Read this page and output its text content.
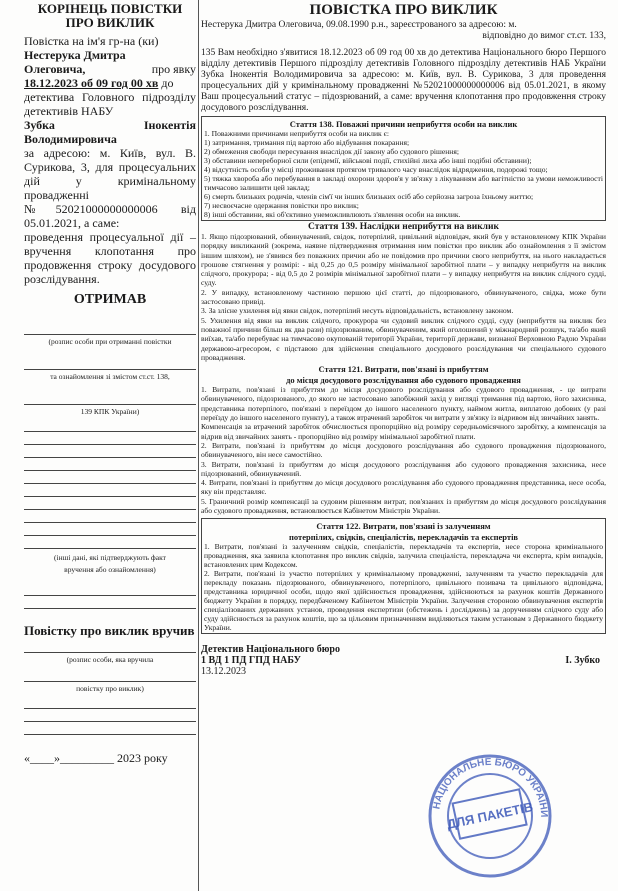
КОРІНЕЦЬ ПОВІСТКИ ПРО ВИКЛИК
Повістка на ім'я гр-на (ки)
Нестерука Дмитра
Олеговича,	про явку
18.12.2023 об 09 год 00 хв до
детектива Головного підрозділу детективів НАБУ
Зубка Інокентія Володимировича
за адресою: м. Київ, вул. В. Сурикова, 3, для процесуальних дій у кримінальному провадженні №52021000000000006 від 05.01.2021, а саме:
проведення процесуальної дії – вручення клопотання про продовження строку досудового розслідування.
ОТРИМАВ
(розпис особи при отриманні повістки
та ознайомлення зі змістом ст.ст. 138,
139 КПК України)
(інші дані, які підтверджують факт
вручення або ознайомлення)
Повістку про виклик вручив
(розпис особи, яка вручила
повістку про виклик)
«____»_________ 2023 року
ПОВІСТКА ПРО ВИКЛИК
Нестерука Дмитра Олеговича, 09.08.1990 р.н., зареєстрованого за адресою: м.
відповідно до вимог ст.ст. 133,
135 Вам необхідно з'явитися 18.12.2023 об 09 год 00 хв до детектива Національного бюро Першого відділу детективів Першого підрозділу детективів Головного підрозділу детективів НАБ України Зубка Інокентія Володимировича за адресою: м. Київ, вул. В. Сурикова, 3 для проведення процесуальних дій у кримінальному провадженні №52021000000000006 від 05.01.2021, в якому Ваш процесуальний статус – підозрюваний, а саме: вручення клопотання про продовження строку досудового розслідування.
Стаття 138. Поважні причини неприбуття особи на виклик
1. Поважними причинами неприбуття особи на виклик є:
1) затримання, тримання під вартою або відбування покарання;
2) обмеження свободи пересування внаслідок дії закону або судового рішення;
3) обставини непереборної сили (епідемії, військові події, стихійні лиха або інші подібні обставини);
4) відсутність особи у місці проживання протягом тривалого часу внаслідок відрядження, подорожі тощо;
5) тяжка хвороба або перебування в закладі охорони здоров'я у зв'язку з лікуванням або вагітністю за умови неможливості тимчасово залишити цей заклад;
6) смерть близьких родичів, членів сім'ї чи інших близьких осіб або серйозна загроза їхньому життю;
7) несвоєчасне одержання повістки про виклик;
8) інші обставини, які об'єктивно унеможливлюють з'явлення особи на виклик.
Стаття 139. Наслідки неприбуття на виклик
1. Якщо підозрюваний, обвинувачений, свідок, потерпілий, цивільний відповідач, який був у встановленому КПК України порядку викликаний (зокрема, наявне підтвердження отримання ним повістки про виклик або ознайомлення з її змістом іншим шляхом), не з'явився без поважних причин або не повідомив про причини свого неприбуття, на нього накладається грошове стягнення у розмірі: - від 0,25 до 0,5 розміру мінімальної заробітної плати – у випадку неприбуття на виклик слідчого, прокурора; - від 0,5 до 2 розмірів мінімальної заробітної плати – у випадку неприбуття на виклик слідчого судді, суду.
2. У випадку, встановленому частиною першою цієї статті, до підозрюваного, обвинуваченого, свідка, може бути застосовано привід.
3. За злісне ухилення від явки свідок, потерпілий несуть відповідальність, встановлену законом.
5. Ухилення від явки на виклик слідчого, прокурора чи судовий виклик слідчого судді, суду (неприбуття на виклик без поважної причини більш як два рази) підозрюваним, обвинуваченим, який оголошений у міжнародний розшук, та/або який виїхав, та/або перебуває на тимчасово окупованій території України, території держави, визнаної Верховною Радою України державою-агресором, є підставою для здійснення спеціального досудового розслідування чи спеціального судового провадження.
Стаття 121. Витрати, пов'язані із прибуттям
до місця досудового розслідування або судового провадження
1. Витрати, пов'язані із прибуттям до місця досудового розслідування або судового провадження, - це витрати обвинуваченого, підозрюваного, до якого не застосовано запобіжний захід у вигляді тримання під вартою, його захисника, представника потерпілого, пов'язані з переїздом до іншого населеного пункту, наймом житла, виплатою добових (у разі переїзду до іншого населеного пункту), а також втрачений заробіток чи витрати у зв'язку із відривом від звичайних занять.
Компенсація за втрачений заробіток обчислюється пропорційно від розміру середньомісячного заробітку, а компенсація за відрив від звичайних занять - пропорційно від розміру мінімальної заробітної плати.
2. Витрати, пов'язані із прибуттям до місця досудового розслідування або судового провадження підозрюваного, обвинуваченого, він несе самостійно.
3. Витрати, пов'язані із прибуттям до місця досудового розслідування або судового провадження захисника, несе підозрюваний, обвинувачений.
4. Витрати, пов'язані із прибуттям до місця досудового розслідування або судового провадження представника, несе особа, яку він представляє.
5. Граничний розмір компенсації за судовим рішенням витрат, пов'язаних із прибуттям до місця досудового розслідування або судового провадження, встановлюється Кабінетом Міністрів України.
Стаття 122. Витрати, пов'язані із залученням
потерпілих, свідків, спеціалістів, перекладачів та експертів
1. Витрати, пов'язані із залученням свідків, спеціалістів, перекладачів та експертів, несе сторона кримінального провадження, яка заявила клопотання про виклик свідків, залучила спеціаліста, перекладача чи експерта, крім випадків, встановлених цим Кодексом.
2. Витрати, пов'язані із участю потерпілих у кримінальному провадженні, залученням та участю перекладачів для перекладу показань підозрюваного, обвинуваченого, потерпілого, цивільного позивача та цивільного відповідача, представника юридичної особи, щодо якої здійснюється провадження, здійснюються за рахунок коштів Державного бюджету України в порядку, передбаченому Кабінетом Міністрів України. Залучення стороною обвинувачення експертів спеціалізованих державних установ, проведення експертизи (обстежень і досліджень) за дорученням слідчого суду або суду здійснюється за рахунок коштів, що за цільовим призначенням виділяються таким установам з Державного бюджету України.
Детектив Національного бюро
1 ВД 1 ПД ГПД НАБУ
13.12.2023
І. Зубко
НАЦІОНАЛЬНЕ БЮРО УКРАЇНИ
ДЛЯ ПАКЕТІВ
